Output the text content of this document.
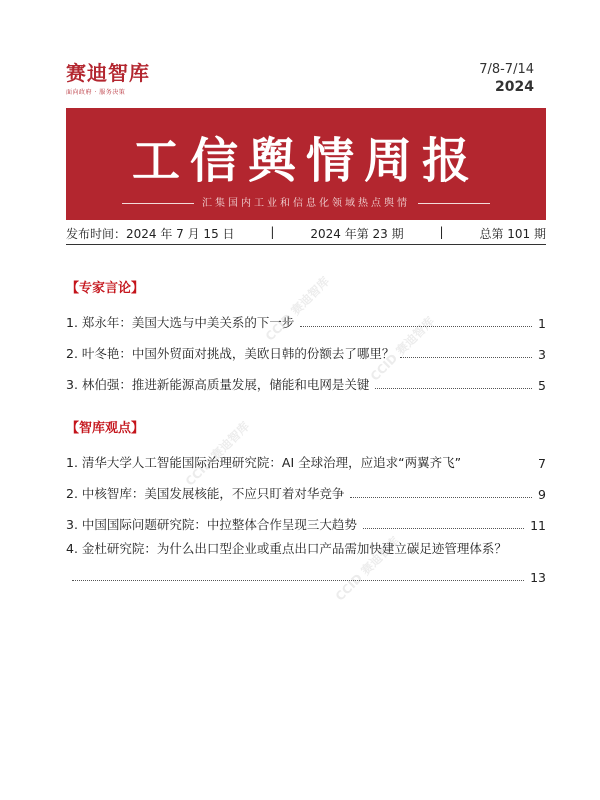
赛迪智库
面向政府 · 服务决策
7/8-7/14
2024
工信舆情周报
汇集国内工业和信息化领域热点舆情
发布时间：2024 年 7 月 15 日	|	2024 年第 23 期	|	总第 101 期
CCID 赛迪智库
CCID 赛迪智库
CCID 赛迪智库
CCID 赛迪智库
【专家言论】
1. 郑永年：美国大选与中美关系的下一步	1
2. 叶冬艳：中国外贸面对挑战，美欧日韩的份额去了哪里？	3
3. 林伯强：推进新能源高质量发展，储能和电网是关键	5
【智库观点】
1. 清华大学人工智能国际治理研究院：AI 全球治理，应追求“两翼齐飞”	7
2. 中核智库：美国发展核能，不应只盯着对华竞争	9
3. 中国国际问题研究院：中拉整体合作呈现三大趋势	11
4. 金杜研究院：为什么出口型企业或重点出口产品需加快建立碳足迹管理体系？
13
